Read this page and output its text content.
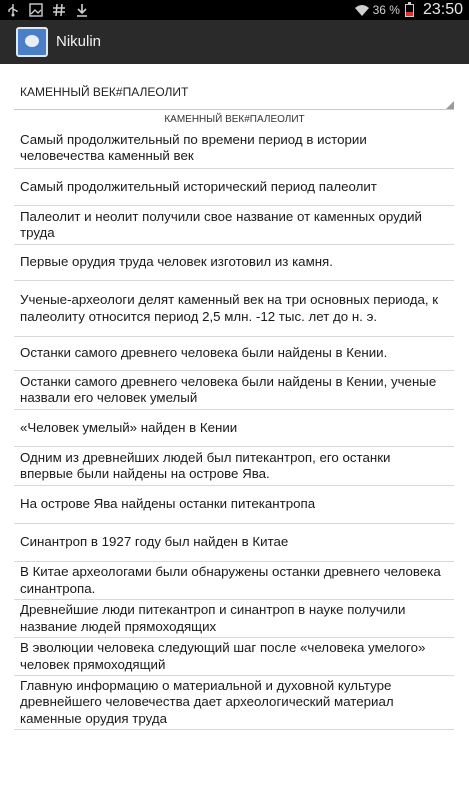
36 % 23:50
Nikulin
КАМЕННЫЙ ВЕК#ПАЛЕОЛИТ
КАМЕННЫЙ ВЕК#ПАЛЕОЛИТ
Самый продолжительный по времени период в истории человечества каменный век
Самый продолжительный исторический период палеолит
Палеолит и неолит получили свое название от каменных орудий труда
Первые орудия труда человек изготовил из камня.
Ученые-археологи делят каменный век на три основных периода, к палеолиту относится период 2,5 млн. -12 тыс. лет до н. э.
Останки самого древнего человека были найдены в Кении.
Останки самого древнего человека были найдены в Кении, ученые назвали его человек умелый
«Человек умелый» найден в Кении
Одним из древнейших людей был питекантроп, его останки впервые были найдены на острове Ява.
На острове Ява найдены останки питекантропа
Синантроп в 1927 году был найден в Китае
В Китае археологами были обнаружены останки древнего человека синантропа.
Древнейшие люди питекантроп и синантроп в науке получили название людей прямоходящих
В эволюции человека следующий шаг после «человека умелого» человек прямоходящий
Главную информацию о материальной и духовной культуре древнейшего человечества дает археологический материал каменные орудия труда
